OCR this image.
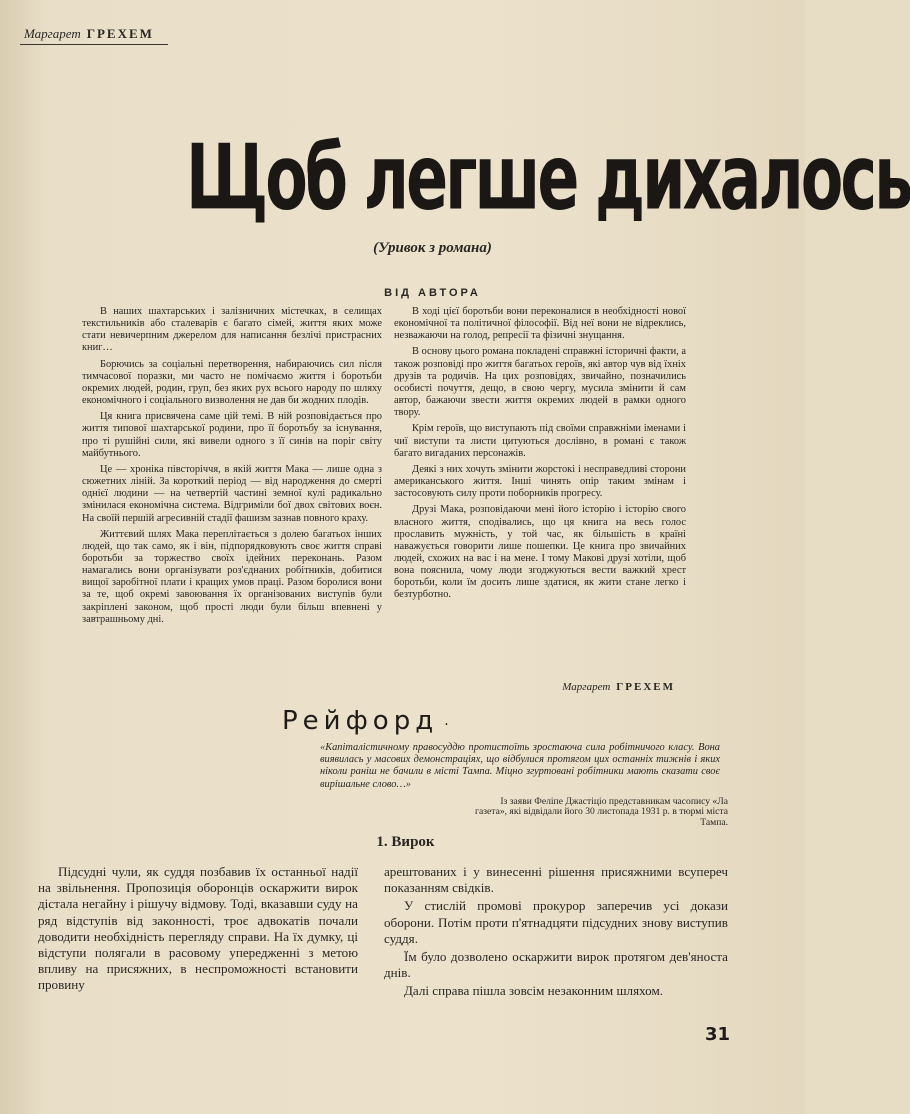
Маргарет ГРЕХЕМ
Щоб легше дихалось
(Уривок з романа)
ВІД АВТОРА

В наших шахтарських і залізничних містечках, в селищах текстильників або сталеварів є багато сімей, життя яких може стати невичерпним джерелом для написання безлічі пристрасних книг…

Борючись за соціальні перетворення, набираючись сил після тимчасової поразки, ми часто не помічаємо життя і боротьби окремих людей, родин, груп, без яких рух всього народу по шляху економічного і соціального визволення не дав би жодних плодів.

Ця книга присвячена саме цій темі. В ній розповідається про життя типової шахтарської родини, про її боротьбу за існування, про ті рушійні сили, які вивели одного з її синів на поріг світу майбутнього.

Це — хроніка півсторіччя, в якій життя Мака — лише одна з сюжетних ліній. За короткий період — від народження до смерті однієї людини — на четвертій частині земної кулі радикально змінилася економічна система. Відгриміли бої двох світових воєн. На своїй першій агресивній стадії фашизм зазнав повного краху.

Життєвий шлях Мака переплітається з долею багатьох інших людей, що так само, як і він, підпорядковують своє життя справі боротьби за торжество своїх ідейних переконань. Разом намагались вони організувати роз'єднаних робітників, добитися вищої заробітної плати і кращих умов праці. Разом боролися вони за те, щоб окремі завоювання їх організованих виступів були закріплені законом, щоб прості люди були більш впевнені у завтрашньому дні.

В ході цієї боротьби вони переконалися в необхідності нової економічної та політичної філософії. Від неї вони не відреклись, незважаючи на голод, репресії та фізичні знущання.

В основу цього романа покладені справжні історичні факти, а також розповіді про життя багатьох героїв, які автор чув від їхніх друзів та родичів. На цих розповідях, звичайно, позначились особисті почуття, дещо, в свою чергу, мусила змінити й сам автор, бажаючи звести життя окремих людей в рамки одного твору.

Крім героїв, що виступають під своїми справжніми іменами і чиї виступи та листи цитуються дослівно, в романі є також багато вигаданих персонажів.

Деякі з них хочуть змінити жорстокі і несправедливі сторони американського життя. Інші чинять опір таким змінам і застосовують силу проти поборників прогресу.

Друзі Мака, розповідаючи мені його історію і історію свого власного життя, сподівались, що ця книга на весь голос прославить мужність, у той час, як більшість в країні наважується говорити лише пошепки. Це книга про звичайних людей, схожих на вас і на мене. І тому Макові друзі хотіли, щоб вона пояснила, чому люди згоджуються вести важкий хрест боротьби, коли їм досить лише здатися, як жити стане легко і безтурботно.

Маргарет ГРЕХЕМ
Рейфорд ·
«Капіталістичному правосуддю протистоїть зростаюча сила робітничого класу. Вона виявилась у масових демонстраціях, що відбулися протягом цих останніх тижнів і яких ніколи раніш не бачили в місті Тампа. Міцно згуртовані робітники мають сказати своє вирішальне слово…»
Із заяви Феліпе Джастіціо представникам часопису «Ла газета», які відвідали його 30 листопада 1931 р. в тюрмі міста Тампа.
1. Вирок

Підсудні чули, як суддя позбавив їх останньої надії на звільнення. Пропозиція оборонців оскаржити вирок дістала негайну і рішучу відмову. Тоді, вказавши суду на ряд відступів від законності, троє адвокатів почали доводити необхідність перегляду справи. На їх думку, ці відступи полягали в расовому упередженні з метою впливу на присяжних, в неспроможності встановити провину

арештованих і у винесенні рішення присяжними всупереч показанням свідків.

У стислій промові прокурор заперечив усі докази оборони. Потім проти п'ятнадцяти підсудних знову виступив суддя.

Їм було дозволено оскаржити вирок протягом дев'яноста днів.

Далі справа пішла зовсім незаконним шляхом.

31
